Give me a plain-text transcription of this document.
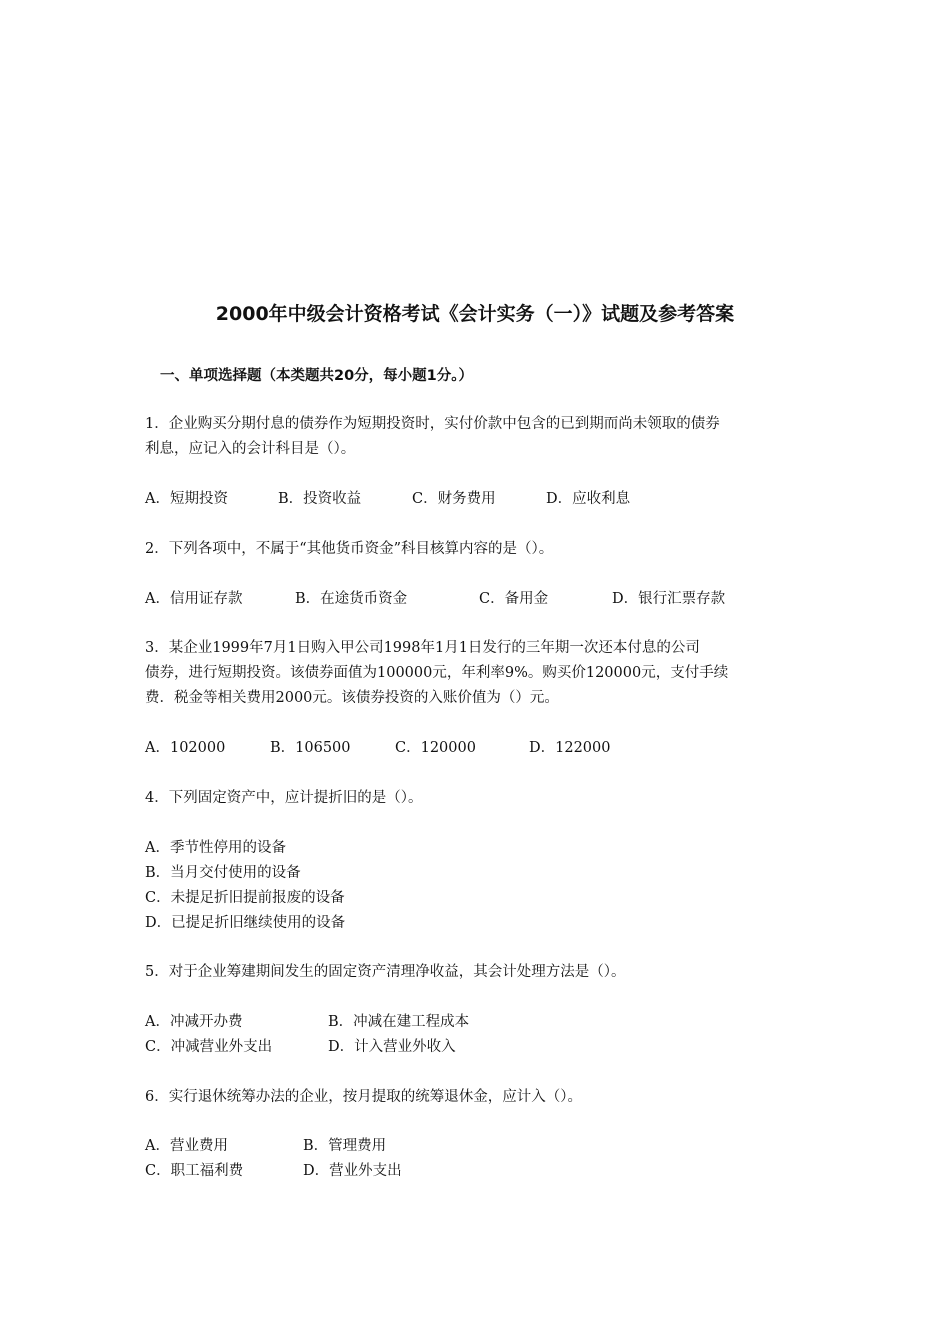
2000年中级会计资格考试《会计实务（一）》试题及参考答案
一、单项选择题（本类题共20分，每小题1分。）
1．企业购买分期付息的债券作为短期投资时，实付价款中包含的已到期而尚未领取的债券
利息，应记入的会计科目是（）。
A．短期投资	B．投资收益	C．财务费用	D．应收利息
2．下列各项中，不属于“其他货币资金”科目核算内容的是（）。
A．信用证存款	B．在途货币资金	C．备用金	D．银行汇票存款
3．某企业1999年7月1日购入甲公司1998年1月1日发行的三年期一次还本付息的公司
债券，进行短期投资。该债券面值为100000元，年利率9%。购买价120000元，支付手续
费．税金等相关费用2000元。该债券投资的入账价值为（）元。
A．102000	B．106500	C．120000	D．122000
4．下列固定资产中，应计提折旧的是（）。
A．季节性停用的设备
B．当月交付使用的设备
C．未提足折旧提前报废的设备
D．已提足折旧继续使用的设备
5．对于企业筹建期间发生的固定资产清理净收益，其会计处理方法是（）。
A．冲减开办费	B．冲减在建工程成本
C．冲减营业外支出	D．计入营业外收入
6．实行退休统筹办法的企业，按月提取的统筹退休金，应计入（）。
A．营业费用	B．管理费用
C．职工福利费	D．营业外支出
